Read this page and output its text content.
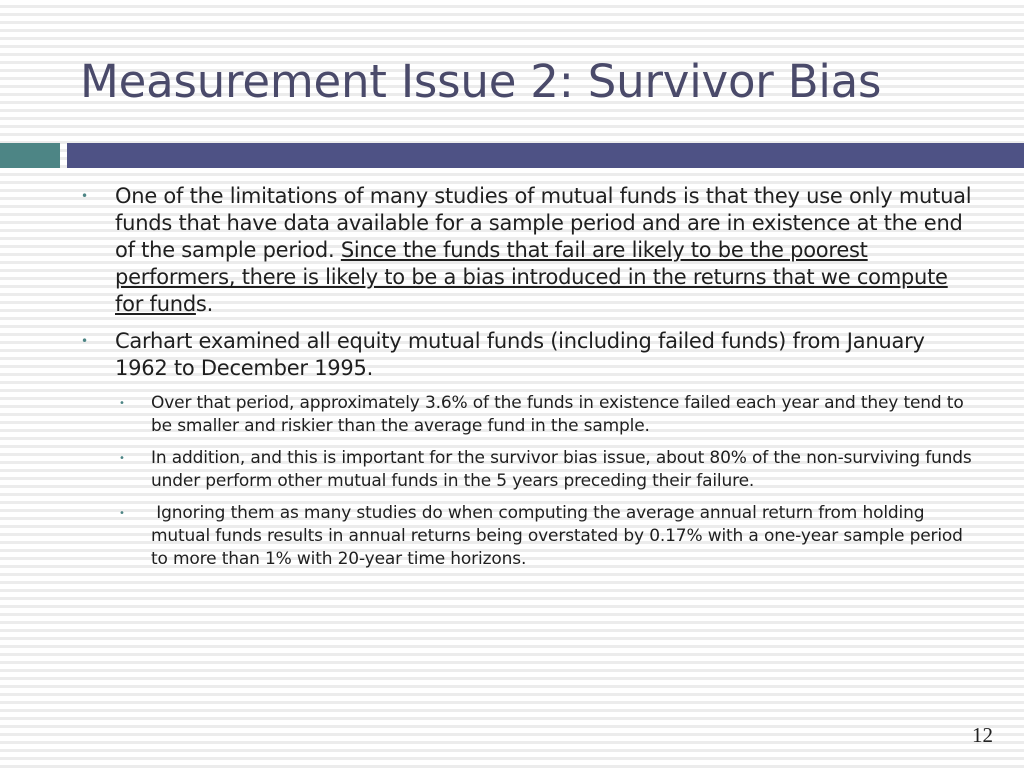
Measurement Issue 2: Survivor Bias
• One of the limitations of many studies of mutual funds is that they use only mutual funds that have data available for a sample period and are in existence at the end of the sample period. Since the funds that fail are likely to be the poorest performers, there is likely to be a bias introduced in the returns that we compute for funds.
• Carhart examined all equity mutual funds (including failed funds) from January 1962 to December 1995.
• Over that period, approximately 3.6% of the funds in existence failed each year and they tend to be smaller and riskier than the average fund in the sample.
• In addition, and this is important for the survivor bias issue, about 80% of the non-surviving funds under perform other mutual funds in the 5 years preceding their failure.
• Ignoring them as many studies do when computing the average annual return from holding mutual funds results in annual returns being overstated by 0.17% with a one-year sample period to more than 1% with 20-year time horizons.
12
